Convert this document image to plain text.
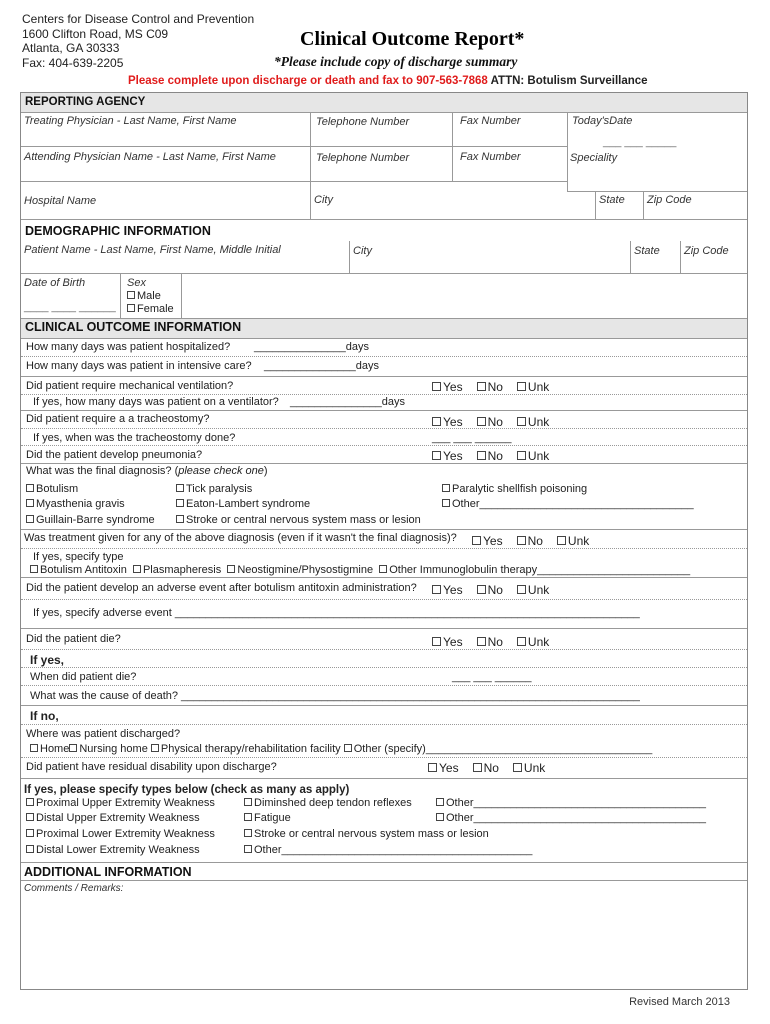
Centers for Disease Control and Prevention
1600 Clifton Road, MS C09
Atlanta, GA 30333
Fax: 404-639-2205
Clinical Outcome Report*
*Please include copy of discharge summary
Please complete upon discharge or death and fax to 907-563-7868 ATTN: Botulism Surveillance
REPORTING AGENCY
Treating Physician - Last Name, First Name	Telephone Number	Fax Number	Today'sDate
___ ___ _____
Attending Physician Name - Last Name, First Name	Telephone Number	Fax Number	Speciality
Hospital Name	City	State Zip Code
DEMOGRAPHIC INFORMATION
Patient Name - Last Name, First Name, Middle Initial	City	State Zip Code
Date of Birth
____ ____ ______
Sex
Male
Female
CLINICAL OUTCOME INFORMATION
How many days was patient hospitalized? _______________days
How many days was patient in intensive care? _______________days
Did patient require mechanical ventilation?	Yes No Unk
If yes, how many days was patient on a ventilator? _______________days
Did patient require a a tracheostomy?	Yes No Unk
If yes, when was the tracheostomy done?	___ ___ ______
Did the patient develop pneumonia?	Yes No Unk
What was the final diagnosis? (please check one)
Botulism	Tick paralysis	Paralytic shellfish poisoning
Myasthenia gravis	Eaton-Lambert syndrome	Other___________________________________
Guillain-Barre syndrome	Stroke or central nervous system mass or lesion
Was treatment given for any of the above diagnosis (even if it wasn't the final diagnosis)?	Yes No Unk
If yes, specify type
Botulism Antitoxin Plasmapheresis Neostigmine/Physostigmine Other Immunoglobulin therapy_________________________
Did the patient develop an adverse event after botulism antitoxin administration?	Yes No Unk
If yes, specify adverse event ____________________________________________________________________________
Did the patient die?	Yes No Unk
If yes,
When did patient die?	___ ___ ______
What was the cause of death? ___________________________________________________________________________
If no,
Where was patient discharged?
Home Nursing home Physical therapy/rehabilitation facility Other (specify)_____________________________________
Did patient have residual disability upon discharge?	Yes No Unk
If yes, please specify types below (check as many as apply)
Proximal Upper Extremity Weakness	Diminshed deep tendon reflexes	Other______________________________________
Distal Upper Extremity Weakness	Fatigue	Other______________________________________
Proximal Lower Extremity Weakness	Stroke or central nervous system mass or lesion
Distal Lower Extremity Weakness	Other_________________________________________
ADDITIONAL INFORMATION
Comments / Remarks:
Revised March 2013
